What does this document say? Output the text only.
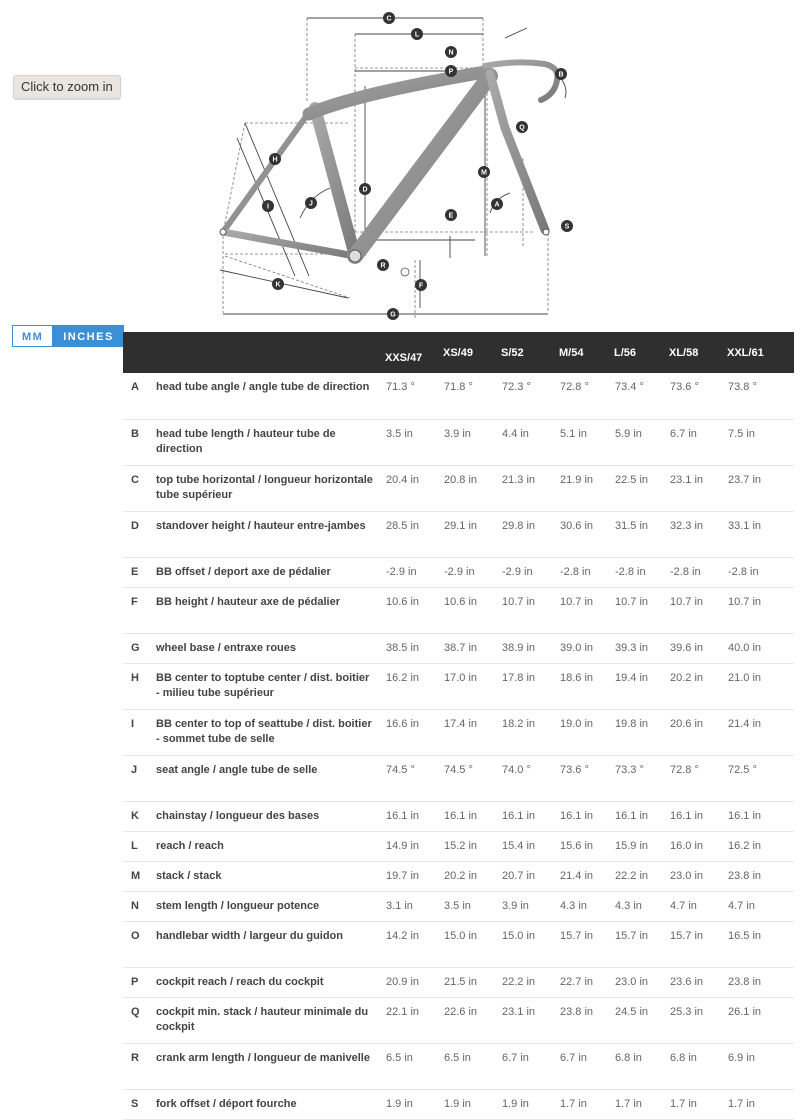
Click to zoom in
C
L
N
P	B
Q
H
M
D
J
I	A
E
S
R
F
K
G
MM	INCHES
		XXS/47	XS/49	S/52	M/54	L/56	XL/58	XXL/61
A	head tube angle / angle tube de direction	71.3 °	71.8 °	72.3 °	72.8 °	73.4 °	73.6 °	73.8 °
B	head tube length / hauteur tube de direction	3.5 in	3.9 in	4.4 in	5.1 in	5.9 in	6.7 in	7.5 in
C	top tube horizontal / longueur horizontale tube supérieur	20.4 in	20.8 in	21.3 in	21.9 in	22.5 in	23.1 in	23.7 in
D	standover height / hauteur entre-jambes	28.5 in	29.1 in	29.8 in	30.6 in	31.5 in	32.3 in	33.1 in
E	BB offset / deport axe de pédalier	-2.9 in	-2.9 in	-2.9 in	-2.8 in	-2.8 in	-2.8 in	-2.8 in
F	BB height / hauteur axe de pédalier	10.6 in	10.6 in	10.7 in	10.7 in	10.7 in	10.7 in	10.7 in
G	wheel base / entraxe roues	38.5 in	38.7 in	38.9 in	39.0 in	39.3 in	39.6 in	40.0 in
H	BB center to toptube center / dist. boitier - milieu tube supérieur	16.2 in	17.0 in	17.8 in	18.6 in	19.4 in	20.2 in	21.0 in
I	BB center to top of seattube / dist. boitier - sommet tube de selle	16.6 in	17.4 in	18.2 in	19.0 in	19.8 in	20.6 in	21.4 in
J	seat angle / angle tube de selle	74.5 °	74.5 °	74.0 °	73.6 °	73.3 °	72.8 °	72.5 °
K	chainstay / longueur des bases	16.1 in	16.1 in	16.1 in	16.1 in	16.1 in	16.1 in	16.1 in
L	reach / reach	14.9 in	15.2 in	15.4 in	15.6 in	15.9 in	16.0 in	16.2 in
M	stack / stack	19.7 in	20.2 in	20.7 in	21.4 in	22.2 in	23.0 in	23.8 in
N	stem length / longueur potence	3.1 in	3.5 in	3.9 in	4.3 in	4.3 in	4.7 in	4.7 in
O	handlebar width / largeur du guidon	14.2 in	15.0 in	15.0 in	15.7 in	15.7 in	15.7 in	16.5 in
P	cockpit reach / reach du cockpit	20.9 in	21.5 in	22.2 in	22.7 in	23.0 in	23.6 in	23.8 in
Q	cockpit min. stack / hauteur minimale du cockpit	22.1 in	22.6 in	23.1 in	23.8 in	24.5 in	25.3 in	26.1 in
R	crank arm length / longueur de manivelle	6.5 in	6.5 in	6.7 in	6.7 in	6.8 in	6.8 in	6.9 in
S	fork offset / déport fourche	1.9 in	1.9 in	1.9 in	1.7 in	1.7 in	1.7 in	1.7 in
